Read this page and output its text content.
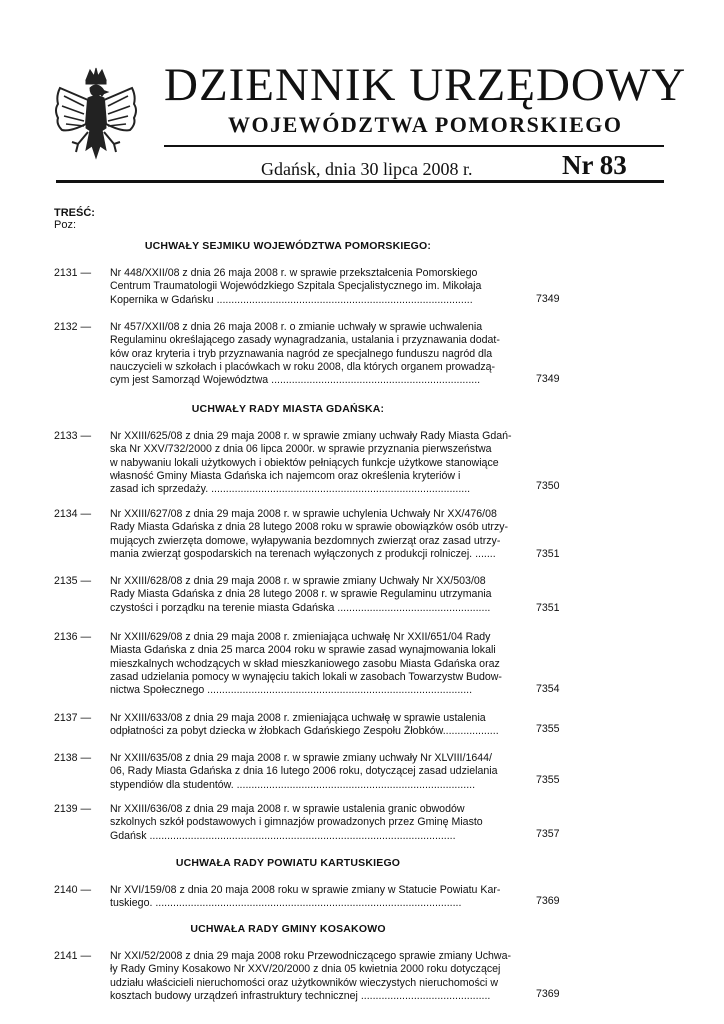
DZIENNIK URZĘDOWY
WOJEWÓDZTWA POMORSKIEGO
Gdańsk, dnia 30 lipca 2008 r.	Nr 83
TREŚĆ:
Poz:
UCHWAŁY SEJMIKU WOJEWÓDZTWA POMORSKIEGO:
UCHWAŁY RADY MIASTA GDAŃSKA:
UCHWAŁA RADY POWIATU KARTUSKIEGO
UCHWAŁA RADY GMINY KOSAKOWO
2131 — Nr 448/XXII/08 z dnia 26 maja 2008 r. w sprawie przekształcenia Pomorskiego
Centrum Traumatologii Wojewódzkiego Szpitala Specjalistycznego im. Mikołaja
Kopernika w Gdańsku .......................................................................................	7349
2132 — Nr 457/XXII/08 z dnia 26 maja 2008 r. o zmianie uchwały w sprawie uchwalenia
Regulaminu określającego zasady wynagradzania, ustalania i przyznawania dodat-
ków oraz kryteria i tryb przyznawania nagród ze specjalnego funduszu nagród dla
nauczycieli w szkołach i placówkach w roku 2008, dla których organem prowadzą-
cym jest Samorząd Województwa .......................................................................	7349
2133 — Nr XXIII/625/08 z dnia 29 maja 2008 r. w sprawie zmiany uchwały Rady Miasta Gdań-
ska Nr XXV/732/2000 z dnia 06 lipca 2000r. w sprawie przyznania pierwszeństwa
w nabywaniu lokali użytkowych i obiektów pełniących funkcje użytkowe stanowiące
własność Gminy Miasta Gdańska ich najemcom oraz określenia kryteriów i
zasad ich sprzedaży. ........................................................................................	7350
2134 — Nr XXIII/627/08 z dnia 29 maja 2008 r. w sprawie uchylenia Uchwały Nr XX/476/08
Rady Miasta Gdańska z dnia 28 lutego 2008 roku w sprawie obowiązków osób utrzy-
mujących zwierzęta domowe, wyłapywania bezdomnych zwierząt oraz zasad utrzy-
mania zwierząt gospodarskich na terenach wyłączonych z produkcji rolniczej. .......	7351
2135 — Nr XXIII/628/08 z dnia 29 maja 2008 r. w sprawie zmiany Uchwały Nr XX/503/08
Rady Miasta Gdańska z dnia 28 lutego 2008 r. w sprawie Regulaminu utrzymania
czystości i porządku na terenie miasta Gdańska ....................................................	7351
2136 — Nr XXIII/629/08 z dnia 29 maja 2008 r. zmieniająca uchwałę Nr XXII/651/04 Rady
Miasta Gdańska z dnia 25 marca 2004 roku w sprawie zasad wynajmowania lokali
mieszkalnych wchodzących w skład mieszkaniowego zasobu Miasta Gdańska oraz
zasad udzielania pomocy w wynajęciu takich lokali w zasobach Towarzystw Budow-
nictwa Społecznego ..........................................................................................	7354
2137 — Nr XXIII/633/08 z dnia 29 maja 2008 r. zmieniająca uchwałę w sprawie ustalenia
odpłatności za pobyt dziecka w żłobkach Gdańskiego Zespołu Żłobków...................	7355
2138 — Nr XXIII/635/08 z dnia 29 maja 2008 r. w sprawie zmiany uchwały Nr XLVIII/1644/
06, Rady Miasta Gdańska z dnia 16 lutego 2006 roku, dotyczącej zasad udzielania
stypendiów dla studentów. .................................................................................	7355
2139 — Nr XXIII/636/08 z dnia 29 maja 2008 r. w sprawie ustalenia granic obwodów
szkolnych szkół podstawowych i gimnazjów prowadzonych przez Gminę Miasto
Gdańsk ........................................................................................................	7357
2140 — Nr XVI/159/08 z dnia 20 maja 2008 roku w sprawie zmiany w Statucie Powiatu Kar-
tuskiego. ........................................................................................................	7369
2141 — Nr XXI/52/2008 z dnia 29 maja 2008 roku Przewodniczącego sprawie zmiany Uchwa-
ły Rady Gminy Kosakowo Nr XXV/20/2000 z dnia 05 kwietnia 2000 roku dotyczącej
udziału właścicieli nieruchomości oraz użytkowników wieczystych nieruchomości w
kosztach budowy urządzeń infrastruktury technicznej ............................................	7369
